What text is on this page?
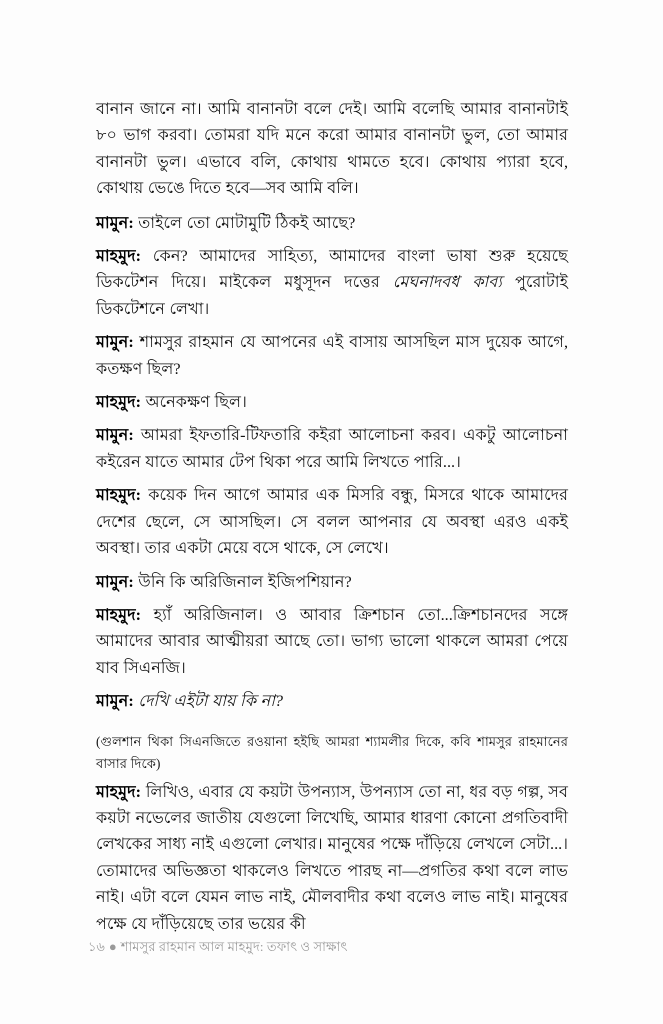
বানান জানে না। আমি বানানটা বলে দেই। আমি বলেছি আমার বানানটাই ৮০ ভাগ করবা। তোমরা যদি মনে করো আমার বানানটা ভুল, তো আমার বানানটা ভুল। এভাবে বলি, কোথায় থামতে হবে। কোথায় প্যারা হবে, কোথায় ভেঙে দিতে হবে—সব আমি বলি।

মামুন: তাইলে তো মোটামুটি ঠিকই আছে?

মাহমুদ: কেন? আমাদের সাহিত্য, আমাদের বাংলা ভাষা শুরু হয়েছে ডিকটেশন দিয়ে। মাইকেল মধুসূদন দত্তের মেঘনাদবধ কাব্য পুরোটাই ডিকটেশনে লেখা।

মামুন: শামসুর রাহমান যে আপনের এই বাসায় আসছিল মাস দুয়েক আগে, কতক্ষণ ছিল?

মাহমুদ: অনেকক্ষণ ছিল।

মামুন: আমরা ইফতারি-টিফতারি কইরা আলোচনা করব। একটু আলোচনা কইরেন যাতে আমার টেপ থিকা পরে আমি লিখতে পারি...।

মাহমুদ: কয়েক দিন আগে আমার এক মিসরি বন্ধু, মিসরে থাকে আমাদের দেশের ছেলে, সে আসছিল। সে বলল আপনার যে অবস্থা এরও একই অবস্থা। তার একটা মেয়ে বসে থাকে, সে লেখে।

মামুন: উনি কি অরিজিনাল ইজিপশিয়ান?

মাহমুদ: হ্যাঁ অরিজিনাল। ও আবার ক্রিশচান তো...ক্রিশচানদের সঙ্গে আমাদের আবার আত্মীয়রা আছে তো। ভাগ্য ভালো থাকলে আমরা পেয়ে যাব সিএনজি।

মামুন: দেখি এইটা যায় কি না?

(গুলশান থিকা সিএনজিতে রওয়ানা হইছি আমরা শ্যামলীর দিকে, কবি শামসুর রাহমানের বাসার দিকে)

মাহমুদ: লিখিও, এবার যে কয়টা উপন্যাস, উপন্যাস তো না, ধর বড় গল্প, সব কয়টা নভেলের জাতীয় যেগুলো লিখেছি, আমার ধারণা কোনো প্রগতিবাদী লেখকের সাধ্য নাই এগুলো লেখার। মানুষের পক্ষে দাঁড়িয়ে লেখলে সেটা...। তোমাদের অভিজ্ঞতা থাকলেও লিখতে পারছ না—প্রগতির কথা বলে লাভ নাই। এটা বলে যেমন লাভ নাই, মৌলবাদীর কথা বলেও লাভ নাই। মানুষের পক্ষে যে দাঁড়িয়েছে তার ভয়ের কী

১৬ ● শামসুর রাহমান আল মাহমুদ: তফাৎ ও সাক্ষাৎ
